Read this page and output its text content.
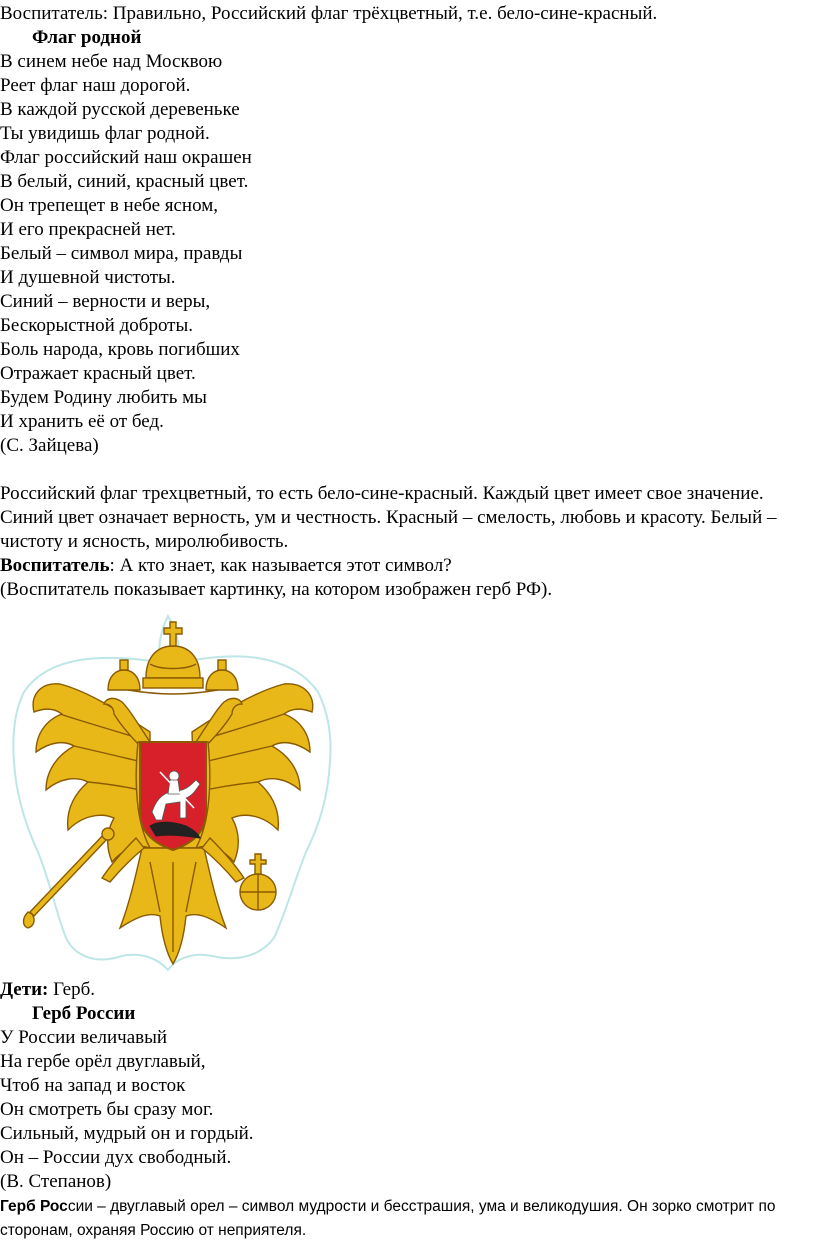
Воспитатель: Правильно, Российский флаг трёхцветный, т.е. бело-сине-красный.
Флаг родной
В синем небе над Москвою
Реет флаг наш дорогой.
В каждой русской деревеньке
Ты увидишь флаг родной.
Флаг российский наш окрашен
В белый, синий, красный цвет.
Он трепещет в небе ясном,
И его прекрасней нет.
Белый – символ мира, правды
И душевной чистоты.
Синий – верности и веры,
Бескорыстной доброты.
Боль народа, кровь погибших
Отражает красный цвет.
Будем Родину любить мы
И хранить её от бед.
(С. Зайцева)
Российский флаг трехцветный, то есть бело-сине-красный. Каждый цвет имеет свое значение. Синий цвет означает верность, ум и честность. Красный – смелость, любовь и красоту. Белый – чистоту и ясность, миролюбивость.
Воспитатель: А кто знает, как называется этот символ?
(Воспитатель показывает картинку, на котором изображен герб РФ).
Дети: Герб.
Герб России
У России величавый
На гербе орёл двуглавый,
Чтоб на запад и восток
Он смотреть бы сразу мог.
Сильный, мудрый он и гордый.
Он – России дух свободный.
(В. Степанов)
Герб России – двуглавый орел – символ мудрости и бесстрашия, ума и великодушия. Он зорко смотрит по сторонам, охраняя Россию от неприятеля.
